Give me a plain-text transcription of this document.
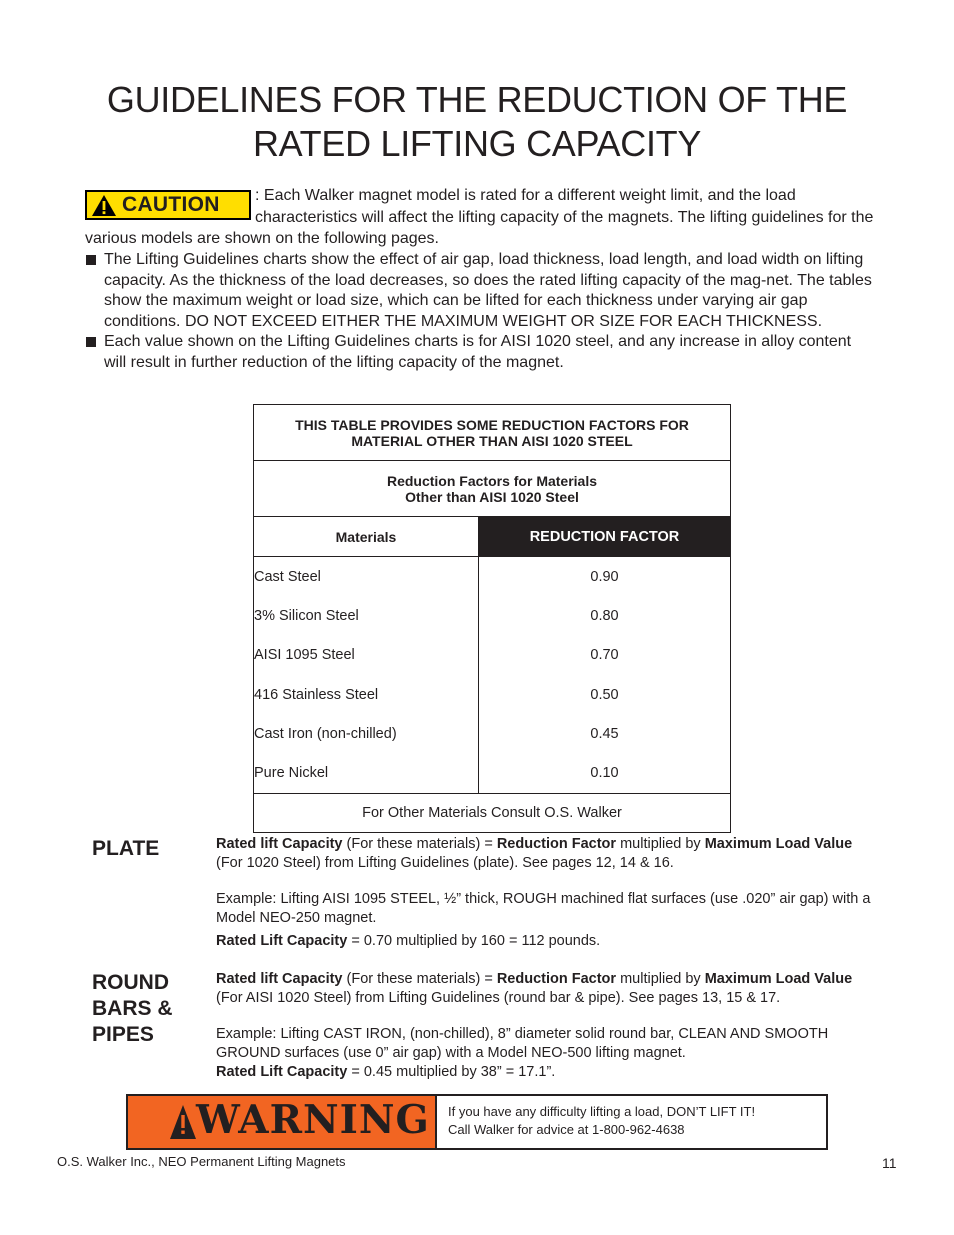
GUIDELINES FOR THE REDUCTION OF THE
RATED LIFTING CAPACITY
: Each Walker magnet model is rated for a different weight limit, and the load characteristics will affect the lifting capacity of the magnets. The lifting guidelines for the various models are shown on the following pages.
CAUTION
The Lifting Guidelines charts show the effect of air gap, load thickness, load length, and load width on lifting capacity. As the thickness of the load decreases, so does the rated lifting capacity of the mag-net. The tables show the maximum weight or load size, which can be lifted for each thickness under varying air gap conditions. DO NOT EXCEED EITHER THE MAXIMUM WEIGHT OR SIZE FOR EACH THICKNESS.
Each value shown on the Lifting Guidelines charts is for AISI 1020 steel, and any increase in alloy content will result in further reduction of the lifting capacity of the magnet.
THIS TABLE PROVIDES SOME REDUCTION FACTORS FOR
MATERIAL OTHER THAN AISI 1020 STEEL	
Reduction Factors for Materials
Other than AISI 1020 Steel	
Materials	REDUCTION FACTOR
Cast Steel	0.90
3% Silicon Steel	0.80
AISI 1095 Steel	0.70
416 Stainless Steel	0.50
Cast Iron (non-chilled)	0.45
Pure Nickel	0.10
For Other Materials Consult O.S. Walker	
PLATE	Rated lift Capacity (For these materials) = Reduction Factor multiplied by Maximum Load Value (For 1020 Steel) from Lifting Guidelines (plate). See pages 12, 14 & 16.

Example: Lifting AISI 1095 STEEL, ½” thick, ROUGH machined flat surfaces (use .020” air gap) with a Model NEO-250 magnet.

Rated Lift Capacity = 0.70 multiplied by 160 = 112 pounds.

ROUND
BARS &
PIPES

Rated lift Capacity (For these materials) = Reduction Factor multiplied by Maximum Load Value (For AISI 1020 Steel) from Lifting Guidelines (round bar & pipe). See pages 13, 15 & 17.

Example: Lifting CAST IRON, (non-chilled), 8” diameter solid round bar, CLEAN AND SMOOTH GROUND surfaces (use 0” air gap) with a Model NEO-500 lifting magnet.

Rated Lift Capacity = 0.45 multiplied by 38” = 17.1”.

WARNING If you have any difficulty lifting a load, DON’T LIFT IT!
Call Walker for advice at 1-800-962-4638
O.S. Walker Inc., NEO Permanent Lifting Magnets	11
